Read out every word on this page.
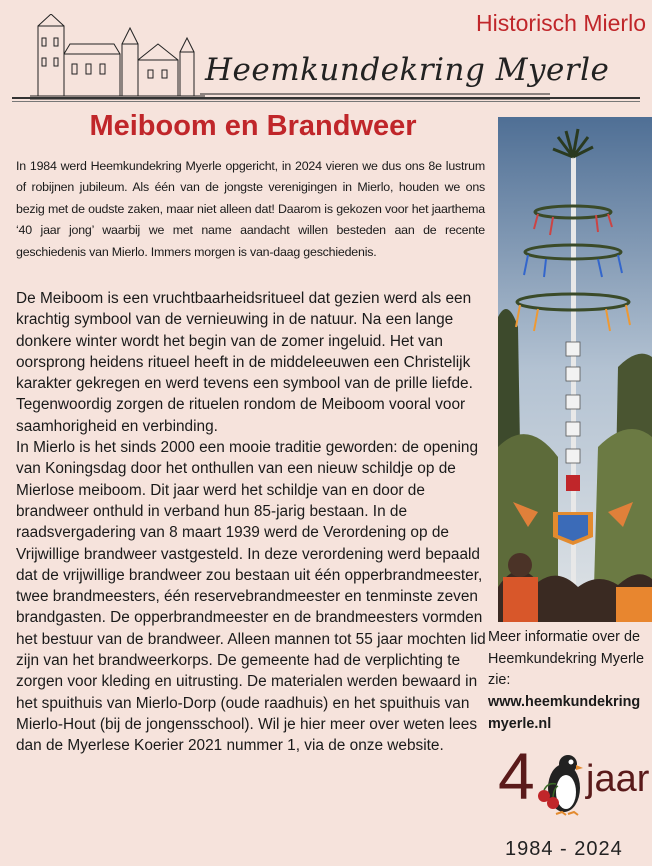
Historisch Mierlo
Heemkundekring Myerle
Meiboom en Brandweer

In 1984 werd Heemkundekring Myerle opgericht, in 2024 vieren we dus ons 8e lustrum of robijnen jubileum. Als één van de jongste verenigingen in Mierlo, houden we ons bezig met de oudste zaken, maar niet alleen dat! Daarom is gekozen voor het jaarthema ‘40 jaar jong’ waarbij we met name aandacht willen besteden aan de recente geschiedenis van Mierlo. Immers morgen is van-daag geschiedenis.

De Meiboom is een vruchtbaarheidsritueel dat gezien werd als een krachtig symbool van de vernieuwing in de natuur. Na een lange donkere winter wordt het begin van de zomer ingeluid. Het van oorsprong heidens ritueel heeft in de middeleeuwen een Christelijk karakter gekregen en werd tevens een symbool van de prille liefde. Tegenwoordig zorgen de rituelen rondom de Meiboom vooral voor saamhorigheid en verbinding.

In Mierlo is het sinds 2000 een mooie traditie geworden: de opening van Koningsdag door het onthullen van een nieuw schildje op de Mierlose meiboom. Dit jaar werd het schildje van en door de brandweer onthuld in verband hun 85-jarig bestaan. In de raadsvergadering van 8 maart 1939 werd de Verordening op de Vrijwillige brandweer vastgesteld. In deze verordening werd bepaald dat de vrijwillige brandweer zou bestaan uit één opperbrandmeester, twee brandmeesters, één reservebrandmeester en tenminste zeven brandgasten. De opperbrandmeester en de brandmeesters vormden het bestuur van de brandweer. Alleen mannen tot 55 jaar mochten lid zijn van het brandweerkorps. De gemeente had de verplichting te zorgen voor kleding en uitrusting. De materialen werden bewaard in het spuithuis van Mierlo-Dorp (oude raadhuis) en het spuithuis van Mierlo-Hout (bij de jongensschool). Wil je hier meer over weten lees dan de Myerlese Koerier 2021 nummer 1, via de onze website.

Meer informatie over de Heemkundekring Myerle zie:

www.heemkundekring myerle.nl
4 jaar
1984 - 2024
